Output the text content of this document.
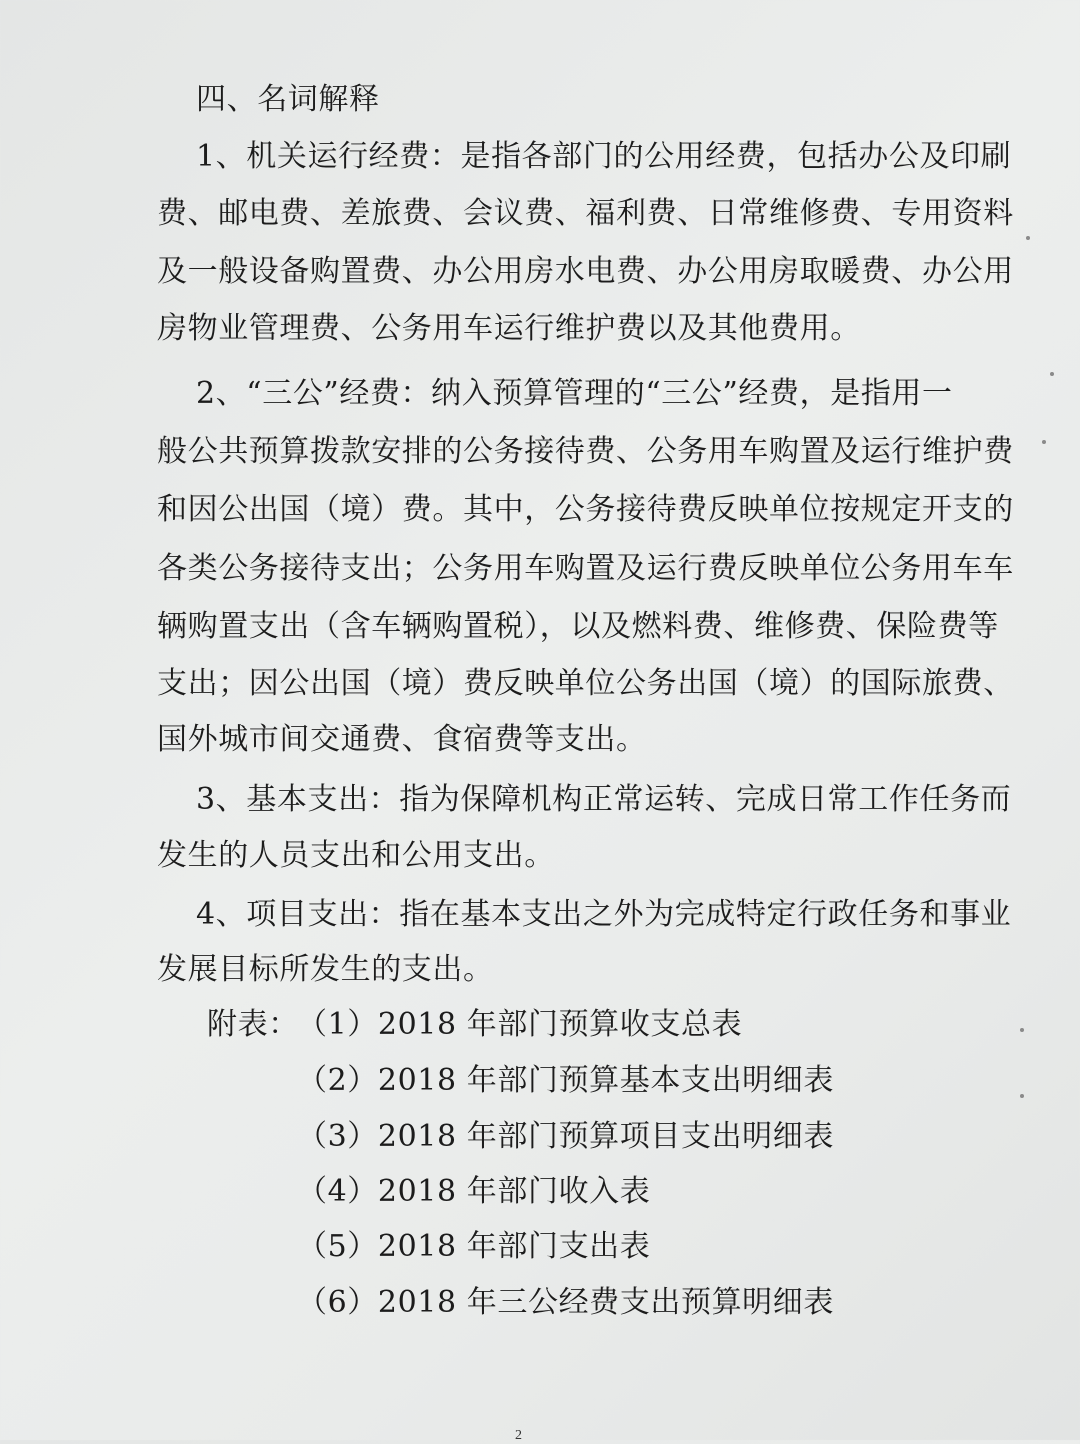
四、名词解释
1、机关运行经费：是指各部门的公用经费，包括办公及印刷
费、邮电费、差旅费、会议费、福利费、日常维修费、专用资料
及一般设备购置费、办公用房水电费、办公用房取暖费、办公用
房物业管理费、公务用车运行维护费以及其他费用。
2、“三公”经费：纳入预算管理的“三公”经费，是指用一
般公共预算拨款安排的公务接待费、公务用车购置及运行维护费
和因公出国（境）费。其中，公务接待费反映单位按规定开支的
各类公务接待支出；公务用车购置及运行费反映单位公务用车车
辆购置支出（含车辆购置税），以及燃料费、维修费、保险费等
支出；因公出国（境）费反映单位公务出国（境）的国际旅费、
国外城市间交通费、食宿费等支出。
3、基本支出：指为保障机构正常运转、完成日常工作任务而
发生的人员支出和公用支出。
4、项目支出：指在基本支出之外为完成特定行政任务和事业
发展目标所发生的支出。
附表：
（1）2018 年部门预算收支总表
（2）2018 年部门预算基本支出明细表
（3）2018 年部门预算项目支出明细表
（4）2018 年部门收入表
（5）2018 年部门支出表
（6）2018 年三公经费支出预算明细表
2
